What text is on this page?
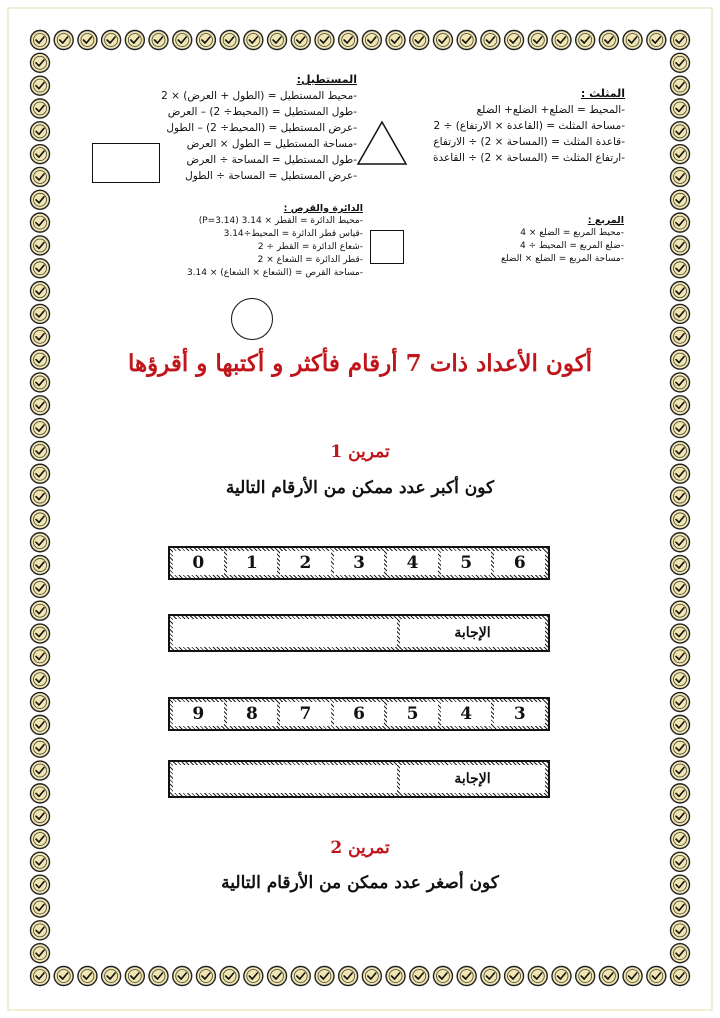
المستطيل:
-محيط المستطيل = (الطول + العرض) × 2
-طول المستطيل = (المحيط÷ 2) – العرض
-عرض المستطيل = (المحيط÷ 2) – الطول
-مساحة المستطيل = الطول × العرض
-طول المستطيل = المساحة ÷ العرض
-عرض المستطيل = المساحة ÷ الطول
المثلث :
-المحيط = الضلع+ الضلع+ الضلع
-مساحة المثلث = (القاعدة × الارتفاع) ÷ 2
-قاعدة المثلث = (المساحة × 2) ÷ الارتفاع
-ارتفاع المثلث = (المساحة × 2) ÷ القاعدة
الدائرة والقرص :
-محيط الدائرة = القطر × 3.14 (P=3.14)
-قياس قطر الدائرة = المحيط÷3.14
-شعاع الدائرة = القطر ÷ 2
-قطر الدائرة = الشعاع × 2
-مساحة القرص = (الشعاع × الشعاع) × 3.14
المربع :
-محيط المربع = الضلع × 4
-ضلع المربع = المحيط ÷ 4
-مساحة المربع = الضلع × الضلع
أكون الأعداد ذات 7 أرقام فأكثر و أكتبها و أقرؤها
تمرين 1
كون أكبر عدد ممكن من الأرقام التالية
0	1	2	3	4	5	6
الإجابة
9	8	7	6	5	4	3
الإجابة
تمرين 2
كون أصغر عدد ممكن من الأرقام التالية
